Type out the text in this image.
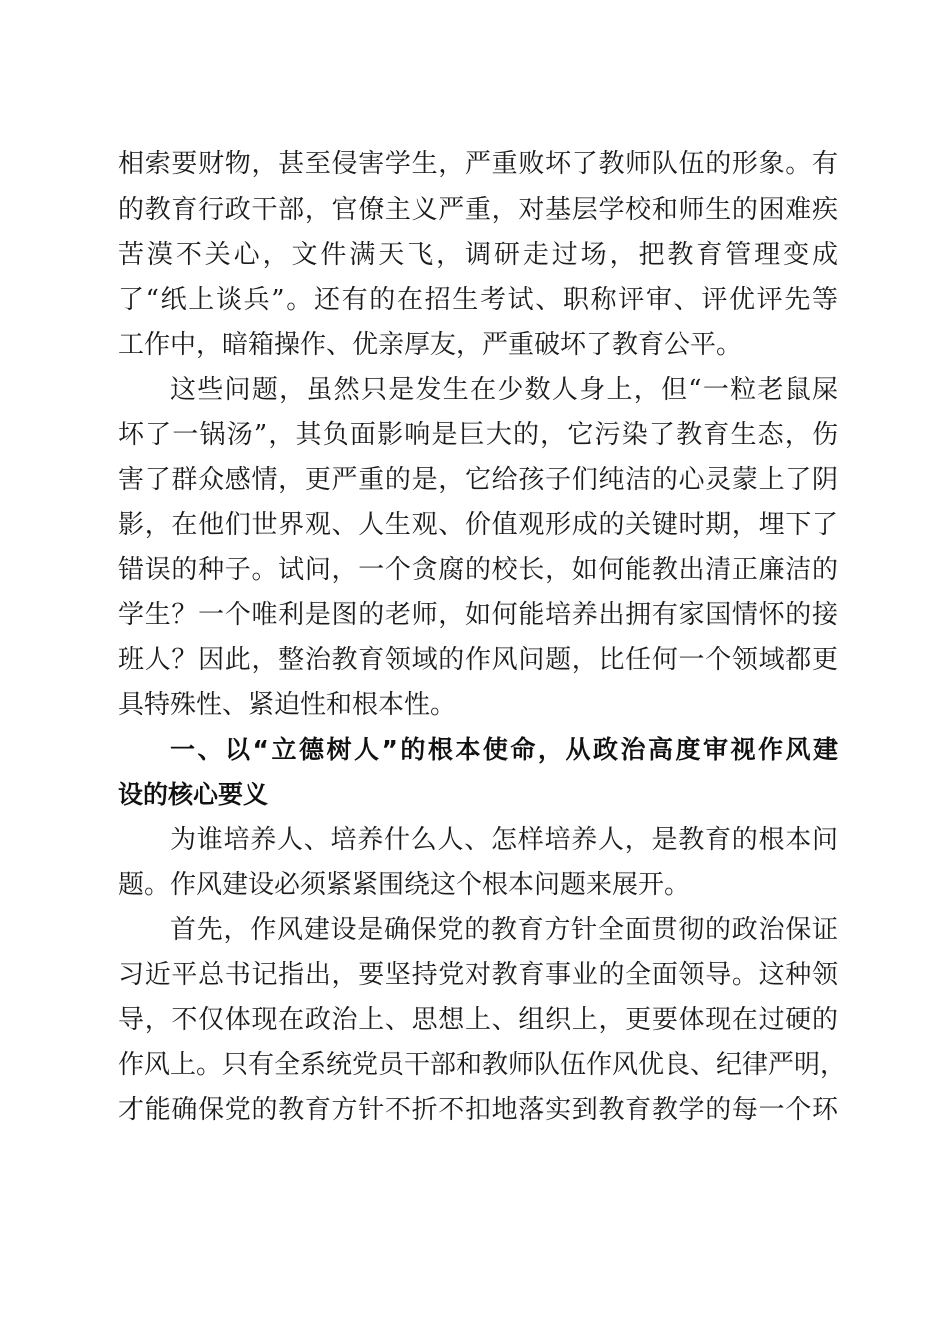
相索要财物，甚至侵害学生，严重败坏了教师队伍的形象。有
的教育行政干部，官僚主义严重，对基层学校和师生的困难疾
苦漠不关心，文件满天飞，调研走过场，把教育管理变成
了“纸上谈兵”。还有的在招生考试、职称评审、评优评先等
工作中，暗箱操作、优亲厚友，严重破坏了教育公平。
这些问题，虽然只是发生在少数人身上，但“一粒老鼠屎
坏了一锅汤”，其负面影响是巨大的，它污染了教育生态，伤
害了群众感情，更严重的是，它给孩子们纯洁的心灵蒙上了阴
影，在他们世界观、人生观、价值观形成的关键时期，埋下了
错误的种子。试问，一个贪腐的校长，如何能教出清正廉洁的
学生？一个唯利是图的老师，如何能培养出拥有家国情怀的接
班人？因此，整治教育领域的作风问题，比任何一个领域都更
具特殊性、紧迫性和根本性。
一、以“立德树人”的根本使命，从政治高度审视作风建
设的核心要义
为谁培养人、培养什么人、怎样培养人，是教育的根本问
题。作风建设必须紧紧围绕这个根本问题来展开。
首先，作风建设是确保党的教育方针全面贯彻的政治保证
习近平总书记指出，要坚持党对教育事业的全面领导。这种领
导，不仅体现在政治上、思想上、组织上，更要体现在过硬的
作风上。只有全系统党员干部和教师队伍作风优良、纪律严明，
才能确保党的教育方针不折不扣地落实到教育教学的每一个环
